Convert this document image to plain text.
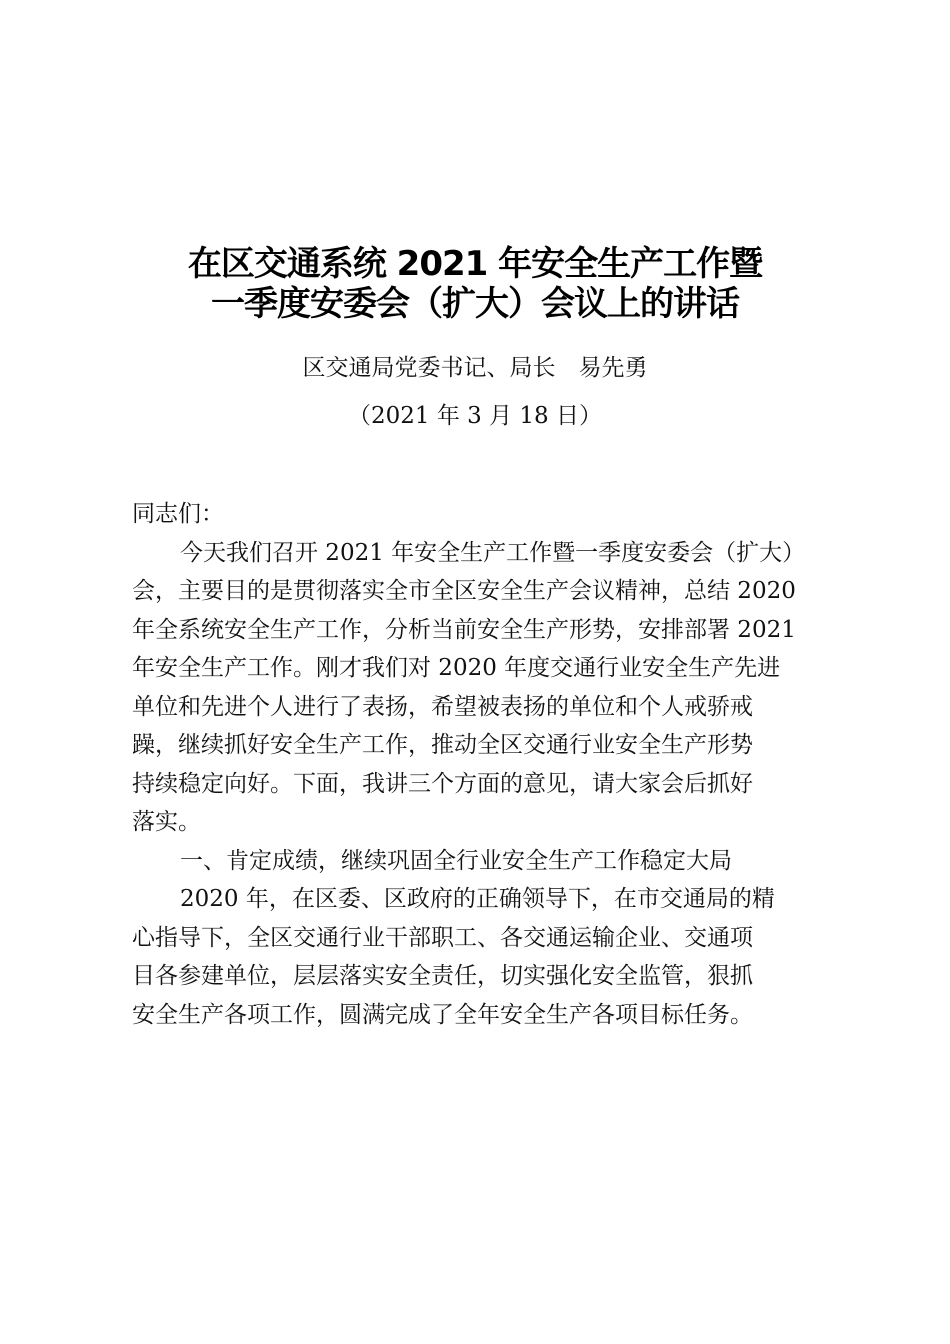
在区交通系统 2021 年安全生产工作暨
一季度安委会（扩大）会议上的讲话
区交通局党委书记、局长　易先勇
（2021 年 3 月 18 日）
同志们：
今天我们召开 2021 年安全生产工作暨一季度安委会（扩大）
会，主要目的是贯彻落实全市全区安全生产会议精神，总结 2020
年全系统安全生产工作，分析当前安全生产形势，安排部署 2021
年安全生产工作。刚才我们对 2020 年度交通行业安全生产先进
单位和先进个人进行了表扬，希望被表扬的单位和个人戒骄戒
躁，继续抓好安全生产工作，推动全区交通行业安全生产形势
持续稳定向好。下面，我讲三个方面的意见，请大家会后抓好
落实。
一、肯定成绩，继续巩固全行业安全生产工作稳定大局
2020 年，在区委、区政府的正确领导下，在市交通局的精
心指导下，全区交通行业干部职工、各交通运输企业、交通项
目各参建单位，层层落实安全责任，切实强化安全监管，狠抓
安全生产各项工作，圆满完成了全年安全生产各项目标任务。
